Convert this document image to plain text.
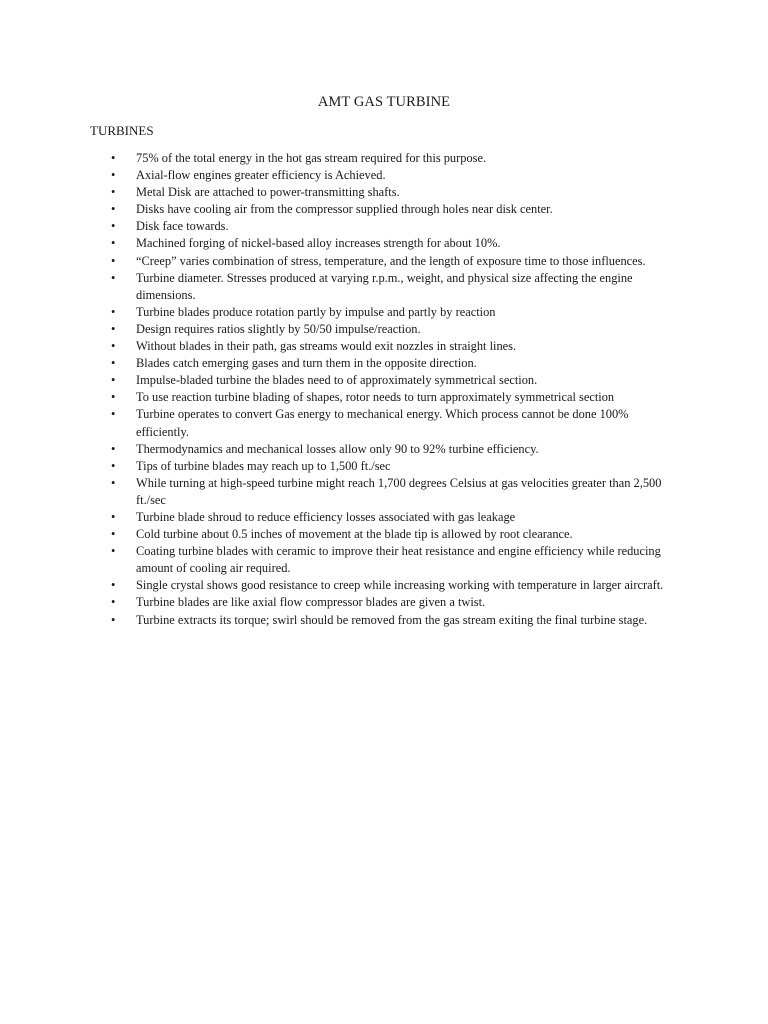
AMT GAS TURBINE
TURBINES
• 75% of the total energy in the hot gas stream required for this purpose.
• Axial-flow engines greater efficiency is Achieved.
• Metal Disk are attached to power-transmitting shafts.
• Disks have cooling air from the compressor supplied through holes near disk center.
• Disk face towards.
• Machined forging of nickel-based alloy increases strength for about 10%.
• “Creep” varies combination of stress, temperature, and the length of exposure time to those influences.
• Turbine diameter. Stresses produced at varying r.p.m., weight, and physical size affecting the engine dimensions.
• Turbine blades produce rotation partly by impulse and partly by reaction
• Design requires ratios slightly by 50/50 impulse/reaction.
• Without blades in their path, gas streams would exit nozzles in straight lines.
• Blades catch emerging gases and turn them in the opposite direction.
• Impulse-bladed turbine the blades need to of approximately symmetrical section.
• To use reaction turbine blading of shapes, rotor needs to turn approximately symmetrical section
• Turbine operates to convert Gas energy to mechanical energy. Which process cannot be done 100% efficiently.
• Thermodynamics and mechanical losses allow only 90 to 92% turbine efficiency.
• Tips of turbine blades may reach up to 1,500 ft./sec
• While turning at high-speed turbine might reach 1,700 degrees Celsius at gas velocities greater than 2,500 ft./sec
• Turbine blade shroud to reduce efficiency losses associated with gas leakage
• Cold turbine about 0.5 inches of movement at the blade tip is allowed by root clearance.
• Coating turbine blades with ceramic to improve their heat resistance and engine efficiency while reducing amount of cooling air required.
• Single crystal shows good resistance to creep while increasing working with temperature in larger aircraft.
• Turbine blades are like axial flow compressor blades are given a twist.
• Turbine extracts its torque; swirl should be removed from the gas stream exiting the final turbine stage.
